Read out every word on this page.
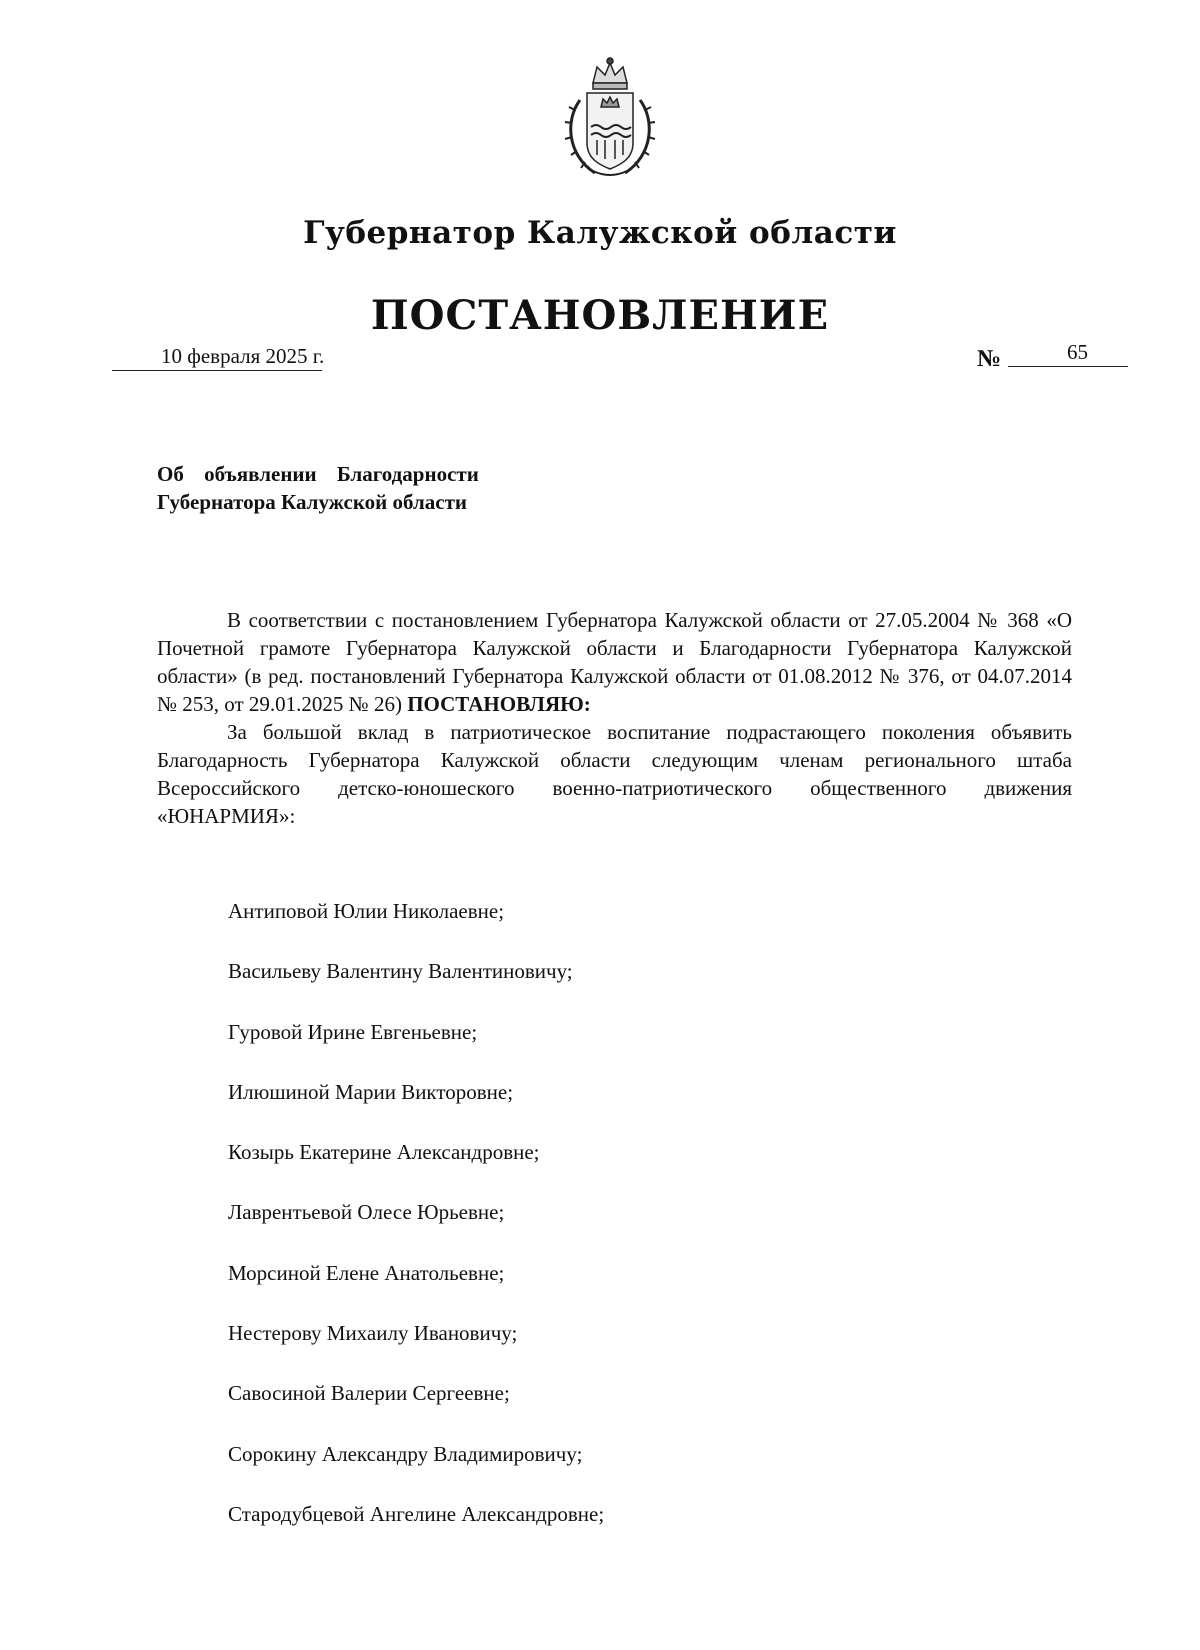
Губернатор Калужской области
ПОСТАНОВЛЕНИЕ
10 февраля 2025 г.	№	65
Об объявлении Благодарности
Губернатора Калужской области

В соответствии с постановлением Губернатора Калужской области от 27.05.2004 № 368 «О Почетной грамоте Губернатора Калужской области и Благодарности Губернатора Калужской области» (в ред. постановлений Губернатора Калужской области от 01.08.2012 № 376, от 04.07.2014 № 253, от 29.01.2025 № 26) ПОСТАНОВЛЯЮ:

За большой вклад в патриотическое воспитание подрастающего поколения объявить Благодарность Губернатора Калужской области следующим членам регионального штаба Всероссийского детско-юношеского военно-патриотического общественного движения «ЮНАРМИЯ»:

Антиповой Юлии Николаевне;
Васильеву Валентину Валентиновичу;
Гуровой Ирине Евгеньевне;
Илюшиной Марии Викторовне;
Козырь Екатерине Александровне;
Лаврентьевой Олесе Юрьевне;
Морсиной Елене Анатольевне;
Нестерову Михаилу Ивановичу;
Савосиной Валерии Сергеевне;
Сорокину Александру Владимировичу;
Стародубцевой Ангелине Александровне;
